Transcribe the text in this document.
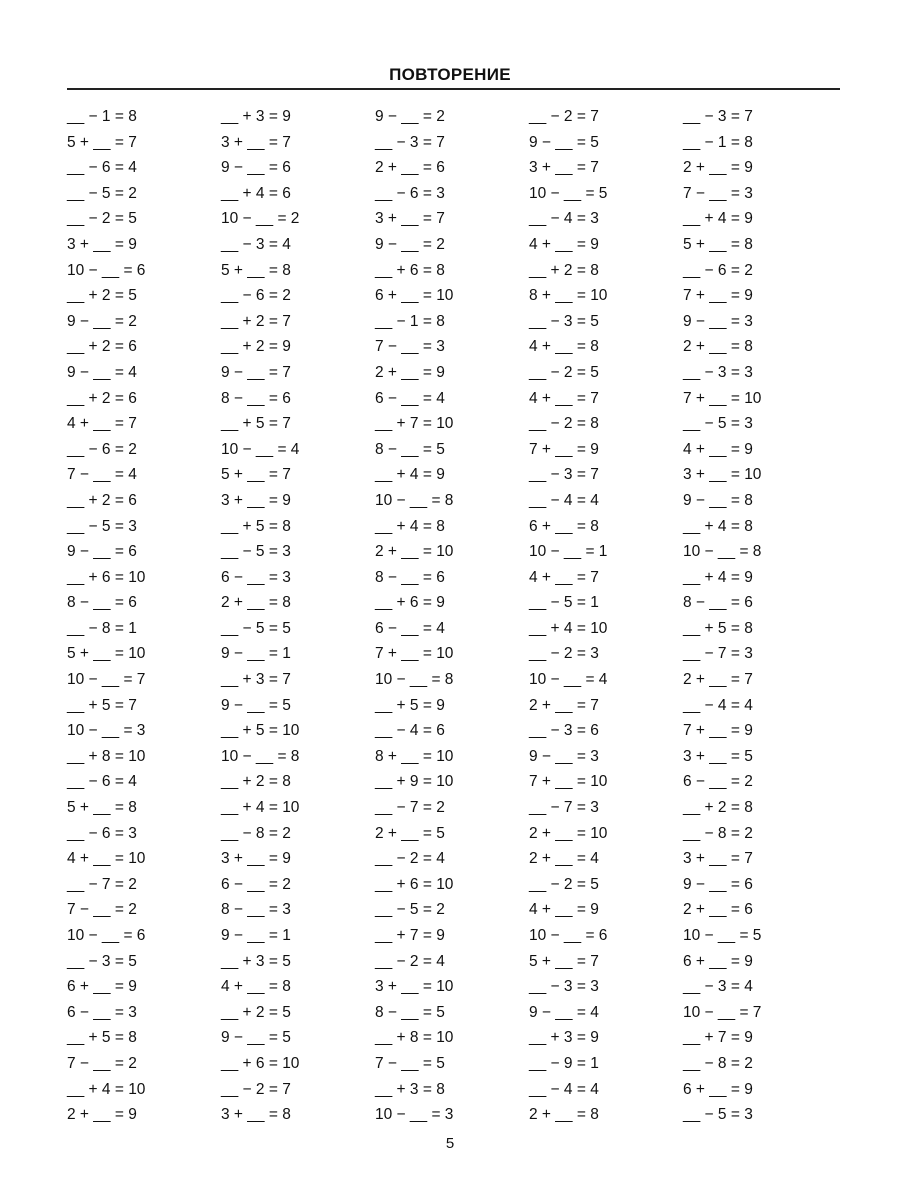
ПОВТОРЕНИЕ
__ − 1 = 8	__ + 3 = 9	9 − __ = 2	__ − 2 = 7	__ − 3 = 7
5 + __ = 7	3 + __ = 7	__ − 3 = 7	9 − __ = 5	__ − 1 = 8
__ − 6 = 4	9 − __ = 6	2 + __ = 6	3 + __ = 7	2 + __ = 9
__ − 5 = 2	__ + 4 = 6	__ − 6 = 3	10 − __ = 5	7 − __ = 3
__ − 2 = 5	10 − __ = 2	3 + __ = 7	__ − 4 = 3	__ + 4 = 9
3 + __ = 9	__ − 3 = 4	9 − __ = 2	4 + __ = 9	5 + __ = 8
10 − __ = 6	5 + __ = 8	__ + 6 = 8	__ + 2 = 8	__ − 6 = 2
__ + 2 = 5	__ − 6 = 2	6 + __ = 10	8 + __ = 10	7 + __ = 9
9 − __ = 2	__ + 2 = 7	__ − 1 = 8	__ − 3 = 5	9 − __ = 3
__ + 2 = 6	__ + 2 = 9	7 − __ = 3	4 + __ = 8	2 + __ = 8
9 − __ = 4	9 − __ = 7	2 + __ = 9	__ − 2 = 5	__ − 3 = 3
__ + 2 = 6	8 − __ = 6	6 − __ = 4	4 + __ = 7	7 + __ = 10
4 + __ = 7	__ + 5 = 7	__ + 7 = 10	__ − 2 = 8	__ − 5 = 3
__ − 6 = 2	10 − __ = 4	8 − __ = 5	7 + __ = 9	4 + __ = 9
7 − __ = 4	5 + __ = 7	__ + 4 = 9	__ − 3 = 7	3 + __ = 10
__ + 2 = 6	3 + __ = 9	10 − __ = 8	__ − 4 = 4	9 − __ = 8
__ − 5 = 3	__ + 5 = 8	__ + 4 = 8	6 + __ = 8	__ + 4 = 8
9 − __ = 6	__ − 5 = 3	2 + __ = 10	10 − __ = 1	10 − __ = 8
__ + 6 = 10	6 − __ = 3	8 − __ = 6	4 + __ = 7	__ + 4 = 9
8 − __ = 6	2 + __ = 8	__ + 6 = 9	__ − 5 = 1	8 − __ = 6
__ − 8 = 1	__ − 5 = 5	6 − __ = 4	__ + 4 = 10	__ + 5 = 8
5 + __ = 10	9 − __ = 1	7 + __ = 10	__ − 2 = 3	__ − 7 = 3
10 − __ = 7	__ + 3 = 7	10 − __ = 8	10 − __ = 4	2 + __ = 7
__ + 5 = 7	9 − __ = 5	__ + 5 = 9	2 + __ = 7	__ − 4 = 4
10 − __ = 3	__ + 5 = 10	__ − 4 = 6	__ − 3 = 6	7 + __ = 9
__ + 8 = 10	10 − __ = 8	8 + __ = 10	9 − __ = 3	3 + __ = 5
__ − 6 = 4	__ + 2 = 8	__ + 9 = 10	7 + __ = 10	6 − __ = 2
5 + __ = 8	__ + 4 = 10	__ − 7 = 2	__ − 7 = 3	__ + 2 = 8
__ − 6 = 3	__ − 8 = 2	2 + __ = 5	2 + __ = 10	__ − 8 = 2
4 + __ = 10	3 + __ = 9	__ − 2 = 4	2 + __ = 4	3 + __ = 7
__ − 7 = 2	6 − __ = 2	__ + 6 = 10	__ − 2 = 5	9 − __ = 6
7 − __ = 2	8 − __ = 3	__ − 5 = 2	4 + __ = 9	2 + __ = 6
10 − __ = 6	9 − __ = 1	__ + 7 = 9	10 − __ = 6	10 − __ = 5
__ − 3 = 5	__ + 3 = 5	__ − 2 = 4	5 + __ = 7	6 + __ = 9
6 + __ = 9	4 + __ = 8	3 + __ = 10	__ − 3 = 3	__ − 3 = 4
6 − __ = 3	__ + 2 = 5	8 − __ = 5	9 − __ = 4	10 − __ = 7
__ + 5 = 8	9 − __ = 5	__ + 8 = 10	__ + 3 = 9	__ + 7 = 9
7 − __ = 2	__ + 6 = 10	7 − __ = 5	__ − 9 = 1	__ − 8 = 2
__ + 4 = 10	__ − 2 = 7	__ + 3 = 8	__ − 4 = 4	6 + __ = 9
2 + __ = 9	3 + __ = 8	10 − __ = 3	2 + __ = 8	__ − 5 = 3
5
